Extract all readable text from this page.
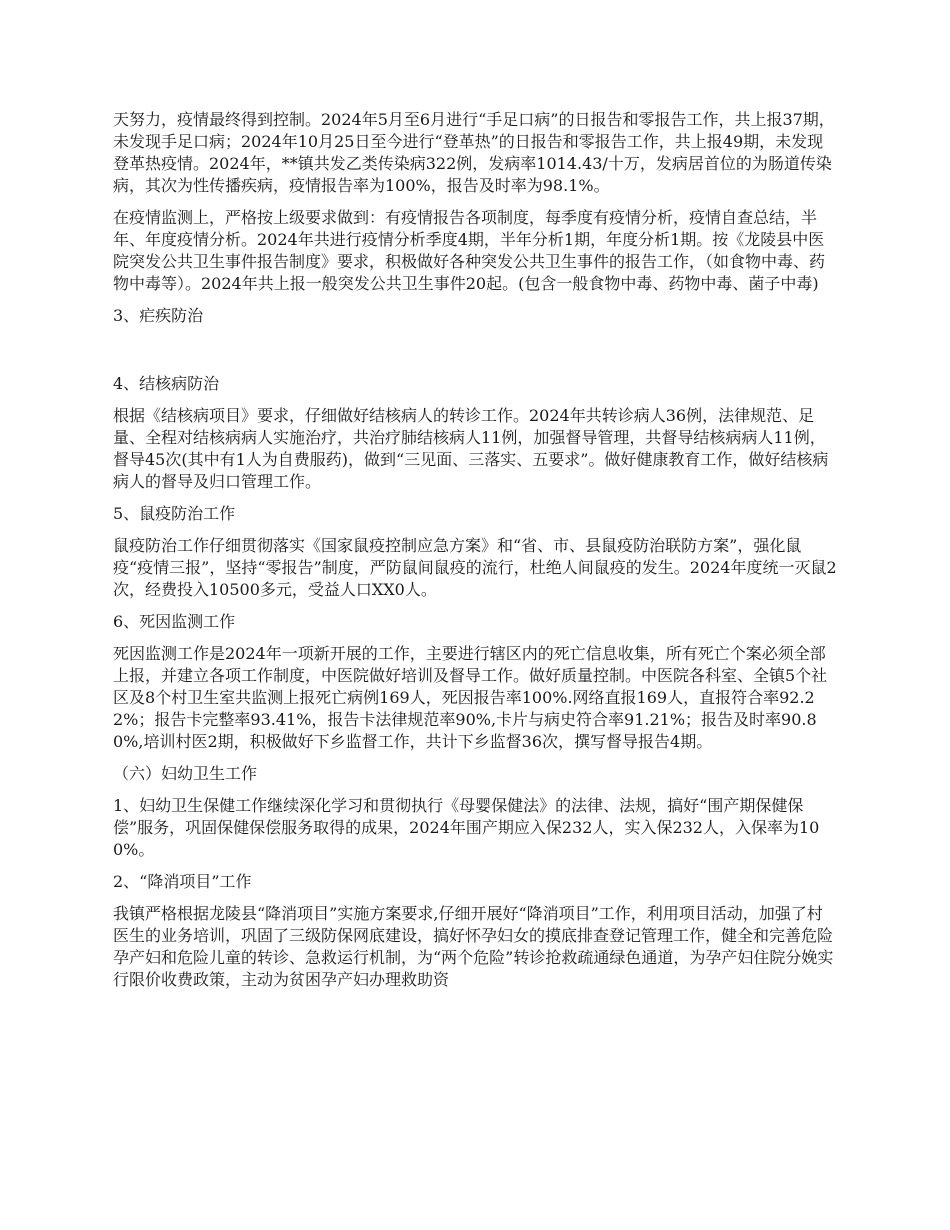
天努力，疫情最终得到控制。2024年5月至6月进行“手足口病”的日报告和零报告工作，共上报37期，未发现手足口病；2024年10月25日至今进行“登革热”的日报告和零报告工作，共上报49期，未发现登革热疫情。2024年，**镇共发乙类传染病322例，发病率1014.43/十万，发病居首位的为肠道传染病，其次为性传播疾病，疫情报告率为100%，报告及时率为98.1%。

在疫情监测上，严格按上级要求做到：有疫情报告各项制度，每季度有疫情分析，疫情自查总结，半年、年度疫情分析。2024年共进行疫情分析季度4期，半年分析1期，年度分析1期。按《龙陵县中医院突发公共卫生事件报告制度》要求，积极做好各种突发公共卫生事件的报告工作，（如食物中毒、药物中毒等）。2024年共上报一般突发公共卫生事件20起。(包含一般食物中毒、药物中毒、菌子中毒)

3、疟疾防治

4、结核病防治

根据《结核病项目》要求，仔细做好结核病人的转诊工作。2024年共转诊病人36例，法律规范、足量、全程对结核病病人实施治疗，共治疗肺结核病人11例，加强督导管理，共督导结核病病人11例，督导45次(其中有1人为自费服药)，做到“三见面、三落实、五要求”。做好健康教育工作，做好结核病病人的督导及归口管理工作。

5、鼠疫防治工作

鼠疫防治工作仔细贯彻落实《国家鼠疫控制应急方案》和“省、市、县鼠疫防治联防方案”，强化鼠疫“疫情三报”，坚持“零报告”制度，严防鼠间鼠疫的流行，杜绝人间鼠疫的发生。2024年度统一灭鼠2次，经费投入10500多元，受益人口XX0人。

6、死因监测工作

死因监测工作是2024年一项新开展的工作，主要进行辖区内的死亡信息收集，所有死亡个案必须全部上报，并建立各项工作制度，中医院做好培训及督导工作。做好质量控制。中医院各科室、全镇5个社区及8个村卫生室共监测上报死亡病例169人，死因报告率100%.网络直报169人，直报符合率92.22%；报告卡完整率93.41%，报告卡法律规范率90%,卡片与病史符合率91.21%；报告及时率90.80%,培训村医2期，积极做好下乡监督工作，共计下乡监督36次，撰写督导报告4期。

（六）妇幼卫生工作

1、妇幼卫生保健工作继续深化学习和贯彻执行《母婴保健法》的法律、法规，搞好“围产期保健保偿”服务，巩固保健保偿服务取得的成果，2024年围产期应入保232人，实入保232人，入保率为100%。

2、“降消项目”工作

我镇严格根据龙陵县“降消项目”实施方案要求,仔细开展好“降消项目”工作，利用项目活动，加强了村医生的业务培训，巩固了三级防保网底建设，搞好怀孕妇女的摸底排查登记管理工作，健全和完善危险孕产妇和危险儿童的转诊、急救运行机制，为“两个危险”转诊抢救疏通绿色通道，为孕产妇住院分娩实行限价收费政策，主动为贫困孕产妇办理救助资
